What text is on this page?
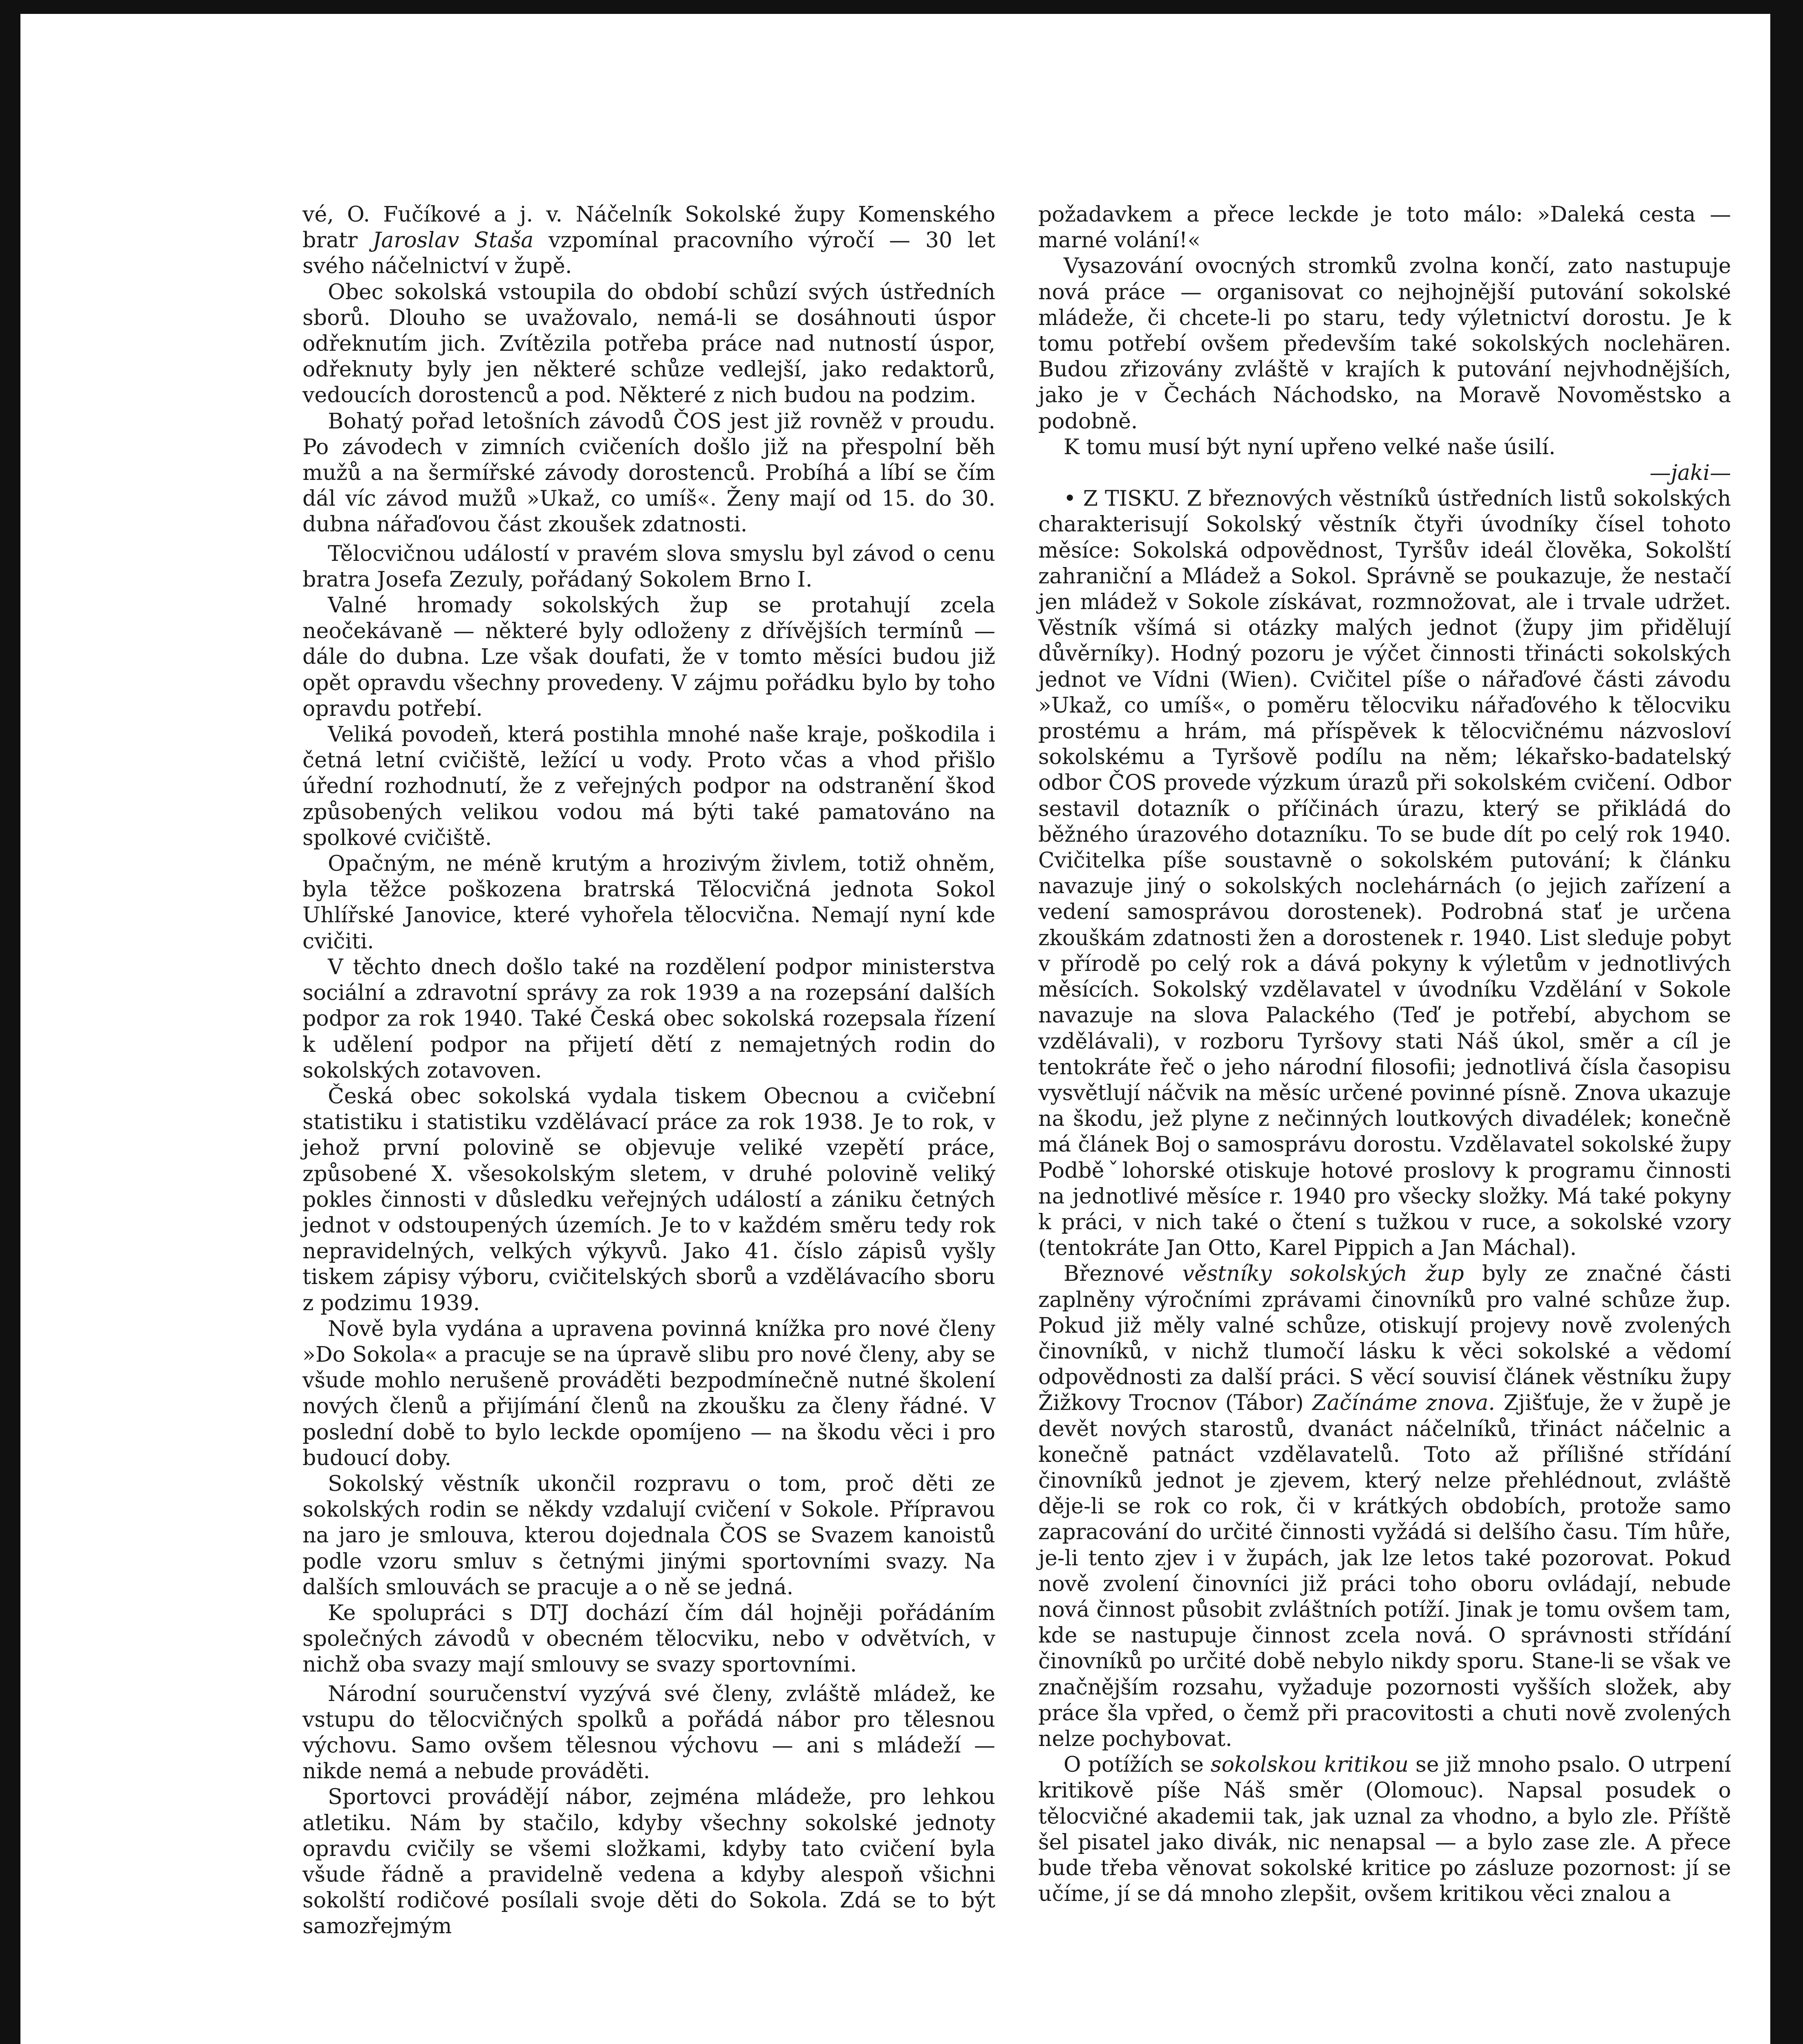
vé, O. Fučíkové a j. v. Náčelník Sokolské župy Komenského bratr Jaroslav Staša vzpomínal pracovního výročí — 30 let svého náčelnictví v župě.

Obec sokolská vstoupila do období schůzí svých ústředních sborů. Dlouho se uvažovalo, nemá-li se dosáhnouti úspor odřeknutím jich. Zvítězila potřeba práce nad nutností úspor, odřeknuty byly jen některé schůze vedlejší, jako redaktorů, vedoucích dorostenců a pod. Některé z nich budou na podzim.

Bohatý pořad letošních závodů ČOS jest již rovněž v proudu. Po závodech v zimních cvičeních došlo již na přespolní běh mužů a na šermířské závody dorostenců. Probíhá a líbí se čím dál víc závod mužů »Ukaž, co umíš«. Ženy mají od 15. do 30. dubna nářaďovou část zkoušek zdatnosti.

Tělocvičnou událostí v pravém slova smyslu byl závod o cenu bratra Josefa Zezuly, pořádaný Sokolem Brno I.

Valné hromady sokolských žup se protahují zcela neočekávaně — některé byly odloženy z dřívějších termínů — dále do dubna. Lze však doufati, že v tomto měsíci budou již opět opravdu všechny provedeny. V zájmu pořádku bylo by toho opravdu potřebí.

Veliká povodeň, která postihla mnohé naše kraje, poškodila i četná letní cvičiště, ležící u vody. Proto včas a vhod přišlo úřední rozhodnutí, že z veřejných podpor na odstranění škod způsobených velikou vodou má býti také pamatováno na spolkové cvičiště.

Opačným, ne méně krutým a hrozivým živlem, totiž ohněm, byla těžce poškozena bratrská Tělocvičná jednota Sokol Uhlířské Janovice, které vyhořela tělocvična. Nemají nyní kde cvičiti.

V těchto dnech došlo také na rozdělení podpor ministerstva sociální a zdravotní správy za rok 1939 a na rozepsání dalších podpor za rok 1940. Také Česká obec sokolská rozepsala řízení k udělení podpor na přijetí dětí z nemajetných rodin do sokolských zotavoven.

Česká obec sokolská vydala tiskem Obecnou a cvičební statistiku i statistiku vzdělávací práce za rok 1938. Je to rok, v jehož první polovině se objevuje veliké vzepětí práce, způsobené X. všesokolským sletem, v druhé polovině veliký pokles činnosti v důsledku veřejných událostí a zániku četných jednot v odstoupených územích. Je to v každém směru tedy rok nepravidelných, velkých výkyvů. Jako 41. číslo zápisů vyšly tiskem zápisy výboru, cvičitelských sborů a vzdělávacího sboru z podzimu 1939.

Nově byla vydána a upravena povinná knížka pro nové členy »Do Sokola« a pracuje se na úpravě slibu pro nové členy, aby se všude mohlo nerušeně prováděti bezpodmínečně nutné školení nových členů a přijímání členů na zkoušku za členy řádné. V poslední době to bylo leckde opomíjeno — na škodu věci i pro budoucí doby.

Sokolský věstník ukončil rozpravu o tom, proč děti ze sokolských rodin se někdy vzdalují cvičení v Sokole. Přípravou na jaro je smlouva, kterou dojednala ČOS se Svazem kanoistů podle vzoru smluv s četnými jinými sportovními svazy. Na dalších smlouvách se pracuje a o ně se jedná.

Ke spolupráci s DTJ dochází čím dál hojněji pořádáním společných závodů v obecném tělocviku, nebo v odvětvích, v nichž oba svazy mají smlouvy se svazy sportovními.

Národní souručenství vyzývá své členy, zvláště mládež, ke vstupu do tělocvičných spolků a pořádá nábor pro tělesnou výchovu. Samo ovšem tělesnou výchovu — ani s mládeží — nikde nemá a nebude prováděti.

Sportovci provádějí nábor, zejména mládeže, pro lehkou atletiku. Nám by stačilo, kdyby všechny sokolské jednoty opravdu cvičily se všemi složkami, kdyby tato cvičení byla všude řádně a pravidelně vedena a kdyby alespoň všichni sokolští rodičové posílali svoje děti do Sokola. Zdá se to být samozřejmým

požadavkem a přece leckde je toto málo: »Daleká cesta — marné volání!«

Vysazování ovocných stromků zvolna končí, zato nastupuje nová práce — organisovat co nejhojnější putování sokolské mládeže, či chcete-li po staru, tedy výletnictví dorostu. Je k tomu potřebí ovšem především také sokolských noclehären. Budou zřizovány zvláště v krajích k putování nejvhodnějších, jako je v Čechách Náchodsko, na Moravě Novoměstsko a podobně.

K tomu musí být nyní upřeno velké naše úsilí.

—jaki—

• Z TISKU. Z březnových věstníků ústředních listů sokolských charakterisují Sokolský věstník čtyři úvodníky čísel tohoto měsíce: Sokolská odpovědnost, Tyršův ideál člověka, Sokolští zahraniční a Mládež a Sokol. Správně se poukazuje, že nestačí jen mládež v Sokole získávat, rozmnožovat, ale i trvale udržet. Věstník všímá si otázky malých jednot (župy jim přidělují důvěrníky). Hodný pozoru je výčet činnosti třinácti sokolských jednot ve Vídni (Wien). Cvičitel píše o nářaďové části závodu »Ukaž, co umíš«, o poměru tělocviku nářaďového k tělocviku prostému a hrám, má příspěvek k tělocvičnému názvosloví sokolskému a Tyršově podílu na něm; lékařsko-badatelský odbor ČOS provede výzkum úrazů při sokolském cvičení. Odbor sestavil dotazník o příčinách úrazu, který se přikládá do běžného úrazového dotazníku. To se bude dít po celý rok 1940. Cvičitelka píše soustavně o sokolském putování; k článku navazuje jiný o sokolských noclehárnách (o jejich zařízení a vedení samosprávou dorostenek). Podrobná stať je určena zkouškám zdatnosti žen a dorostenek r. 1940. List sleduje pobyt v přírodě po celý rok a dává pokyny k výletům v jednotlivých měsících. Sokolský vzdělavatel v úvodníku Vzdělání v Sokole navazuje na slova Palackého (Teď je potřebí, abychom se vzdělávali), v rozboru Tyršovy stati Náš úkol, směr a cíl je tentokráte řeč o jeho národní filosofii; jednotlivá čísla časopisu vysvětlují náčvik na měsíc určené povinné písně. Znova ukazuje na škodu, jež plyne z nečinných loutkových divadélek; konečně má článek Boj o samosprávu dorostu. Vzdělavatel sokolské župy Podběˇlohorské otiskuje hotové proslovy k programu činnosti na jednotlivé měsíce r. 1940 pro všecky složky. Má také pokyny k práci, v nich také o čtení s tužkou v ruce, a sokolské vzory (tentokráte Jan Otto, Karel Pippich a Jan Máchal).

Březnové věstníky sokolských žup byly ze značné části zaplněny výročními zprávami činovníků pro valné schůze žup. Pokud již měly valné schůze, otiskují projevy nově zvolených činovníků, v nichž tlumočí lásku k věci sokolské a vědomí odpovědnosti za další práci. S věcí souvisí článek věstníku župy Žižkovy Trocnov (Tábor) Začínáme znova. Zjišťuje, že v župě je devět nových starostů, dvanáct náčelníků, třináct náčelnic a konečně patnáct vzdělavatelů. Toto až přílišné střídání činovníků jednot je zjevem, který nelze přehlédnout, zvláště děje-li se rok co rok, či v krátkých obdobích, protože samo zapracování do určité činnosti vyžádá si delšího času. Tím hůře, je-li tento zjev i v župách, jak lze letos také pozorovat. Pokud nově zvolení činovníci již práci toho oboru ovládají, nebude nová činnost působit zvláštních potíží. Jinak je tomu ovšem tam, kde se nastupuje činnost zcela nová. O správnosti střídání činovníků po určité době nebylo nikdy sporu. Stane-li se však ve značnějším rozsahu, vyžaduje pozornosti vyšších složek, aby práce šla vpřed, o čemž při pracovitosti a chuti nově zvolených nelze pochybovat.

O potížích se sokolskou kritikou se již mnoho psalo. O utrpení kritikově píše Náš směr (Olomouc). Napsal posudek o tělocvičné akademii tak, jak uznal za vhodno, a bylo zle. Příště šel pisatel jako divák, nic nenapsal — a bylo zase zle. A přece bude třeba věnovat sokolské kritice po zásluze pozornost: jí se učíme, jí se dá mnoho zlepšit, ovšem kritikou věci znalou a
